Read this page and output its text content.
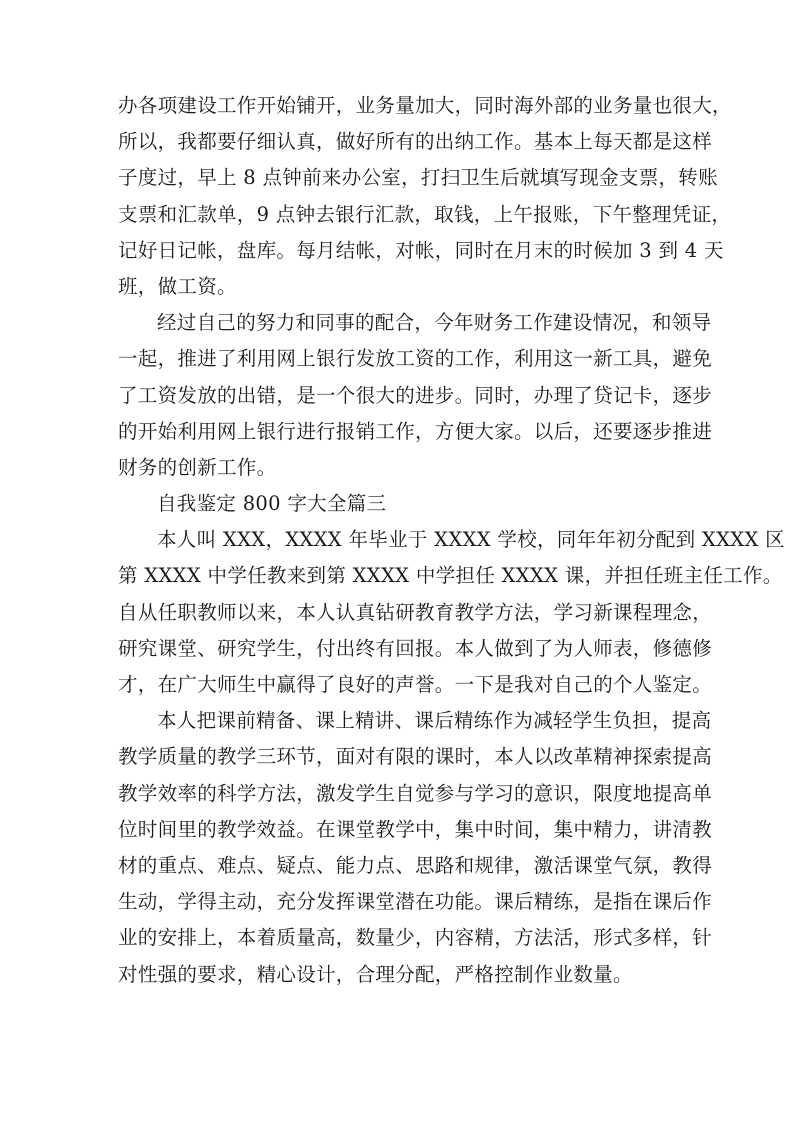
办各项建设工作开始铺开，业务量加大，同时海外部的业务量也很大，
所以，我都要仔细认真，做好所有的出纳工作。基本上每天都是这样
子度过，早上 8 点钟前来办公室，打扫卫生后就填写现金支票，转账
支票和汇款单，9 点钟去银行汇款，取钱，上午报账，下午整理凭证，
记好日记帐，盘库。每月结帐，对帐，同时在月末的时候加 3 到 4 天
班，做工资。
经过自己的努力和同事的配合，今年财务工作建设情况，和领导
一起，推进了利用网上银行发放工资的工作，利用这一新工具，避免
了工资发放的出错，是一个很大的进步。同时，办理了贷记卡，逐步
的开始利用网上银行进行报销工作，方便大家。以后，还要逐步推进
财务的创新工作。
自我鉴定 800 字大全篇三
本人叫 XXX，XXXX 年毕业于 XXXX 学校，同年年初分配到 XXXX 区
第 XXXX 中学任教来到第 XXXX 中学担任 XXXX 课，并担任班主任工作。
自从任职教师以来，本人认真钻研教育教学方法，学习新课程理念，
研究课堂、研究学生，付出终有回报。本人做到了为人师表，修德修
才，在广大师生中赢得了良好的声誉。一下是我对自己的个人鉴定。
本人把课前精备、课上精讲、课后精练作为减轻学生负担，提高
教学质量的教学三环节，面对有限的课时，本人以改革精神探索提高
教学效率的科学方法，激发学生自觉参与学习的意识，限度地提高单
位时间里的教学效益。在课堂教学中，集中时间，集中精力，讲清教
材的重点、难点、疑点、能力点、思路和规律，激活课堂气氛，教得
生动，学得主动，充分发挥课堂潜在功能。课后精练，是指在课后作
业的安排上，本着质量高，数量少，内容精，方法活，形式多样，针
对性强的要求，精心设计，合理分配，严格控制作业数量。
